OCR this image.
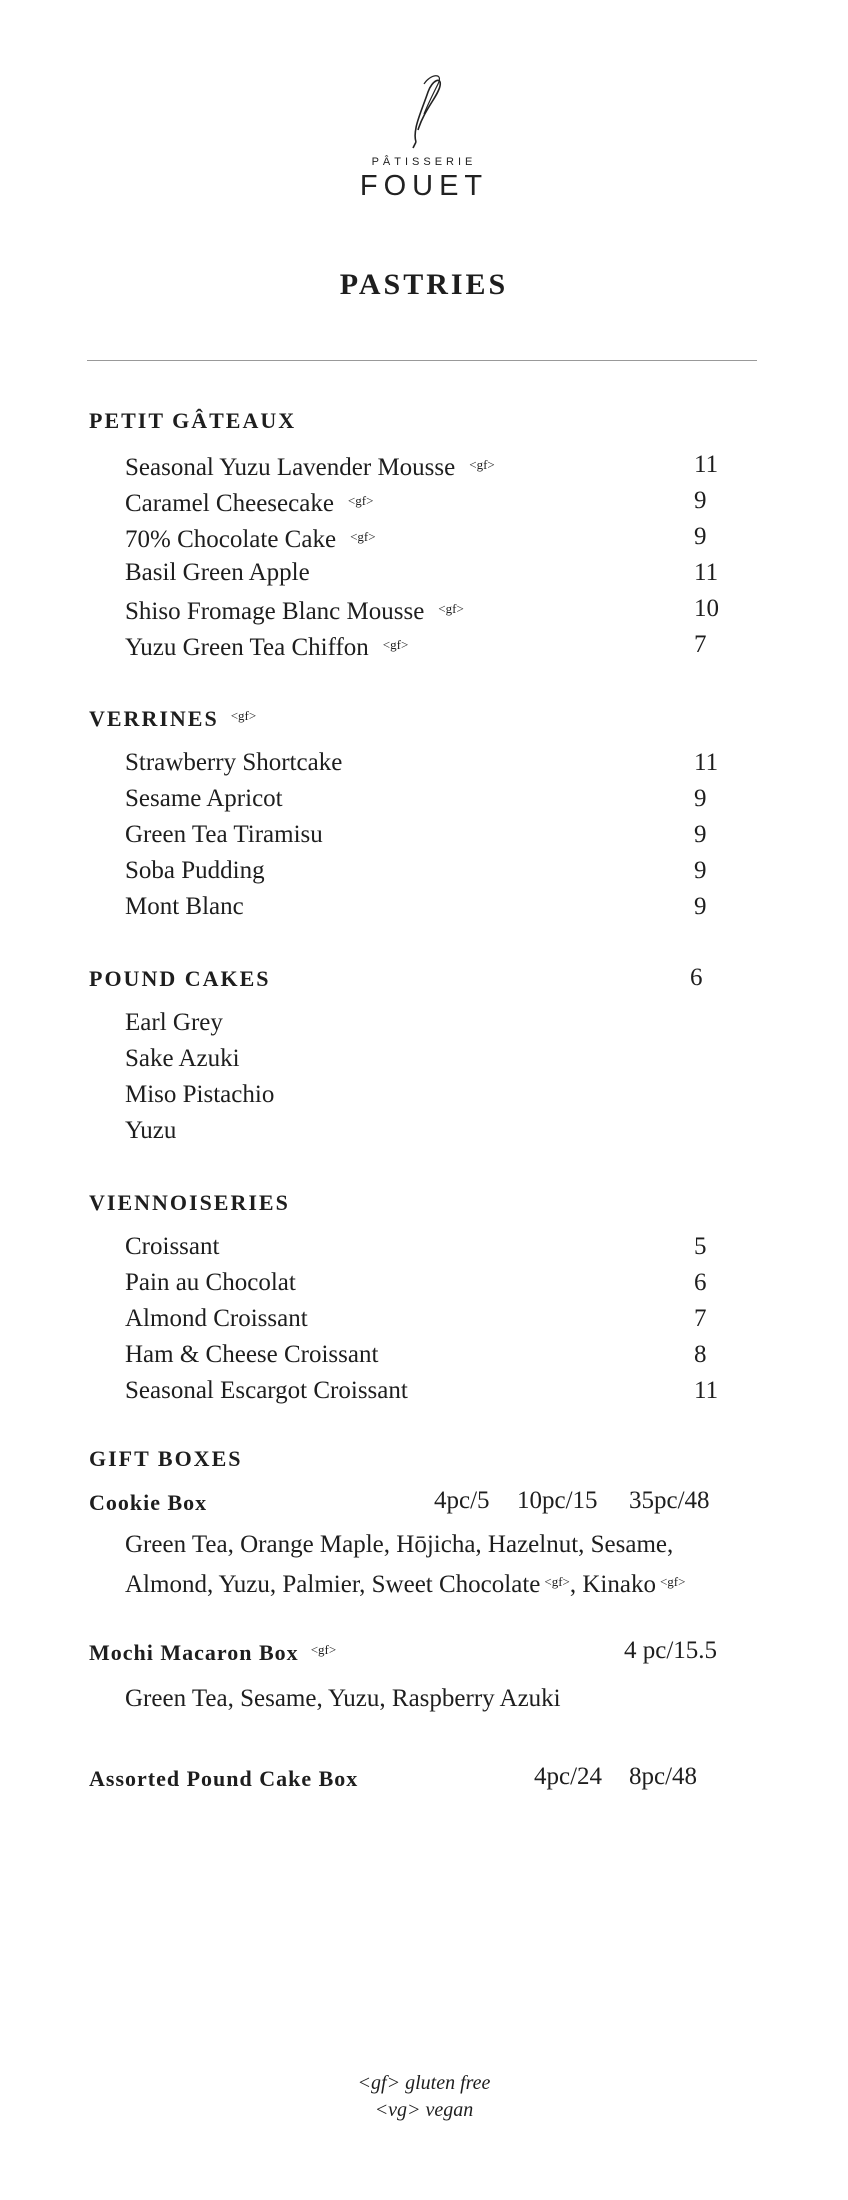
PÂTISSERIE
FOUET
PASTRIES
PETIT GÂTEAUX
Seasonal Yuzu Lavender Mousse $^{<gf>}$	11
Caramel Cheesecake $^{<gf>}$	9
70% Chocolate Cake $^{<gf>}$	9
Basil Green Apple	11
Shiso Fromage Blanc Mousse $^{<gf>}$	10
Yuzu Green Tea Chiffon $^{<gf>}$	7
VERRINES $^{<gf>}$
Strawberry Shortcake	11
Sesame Apricot	9
Green Tea Tiramisu	9
Soba Pudding	9
Mont Blanc	9
POUND CAKES	6
Earl Grey
Sake Azuki
Miso Pistachio
Yuzu
VIENNOISERIES
Croissant	5
Pain au Chocolat	6
Almond Croissant	7
Ham & Cheese Croissant	8
Seasonal Escargot Croissant	11
GIFT BOXES
Cookie Box	4pc/5 10pc/15 35pc/48
Green Tea, Orange Maple, Hōjicha, Hazelnut, Sesame,
Almond, Yuzu, Palmier, Sweet Chocolate $^{<gf>}$, Kinako $^{<gf>}$
Mochi Macaron Box $^{<gf>}$	4 pc/15.5
Green Tea, Sesame, Yuzu, Raspberry Azuki
Assorted Pound Cake Box	4pc/24 8pc/48
<gf> gluten free
<vg> vegan
